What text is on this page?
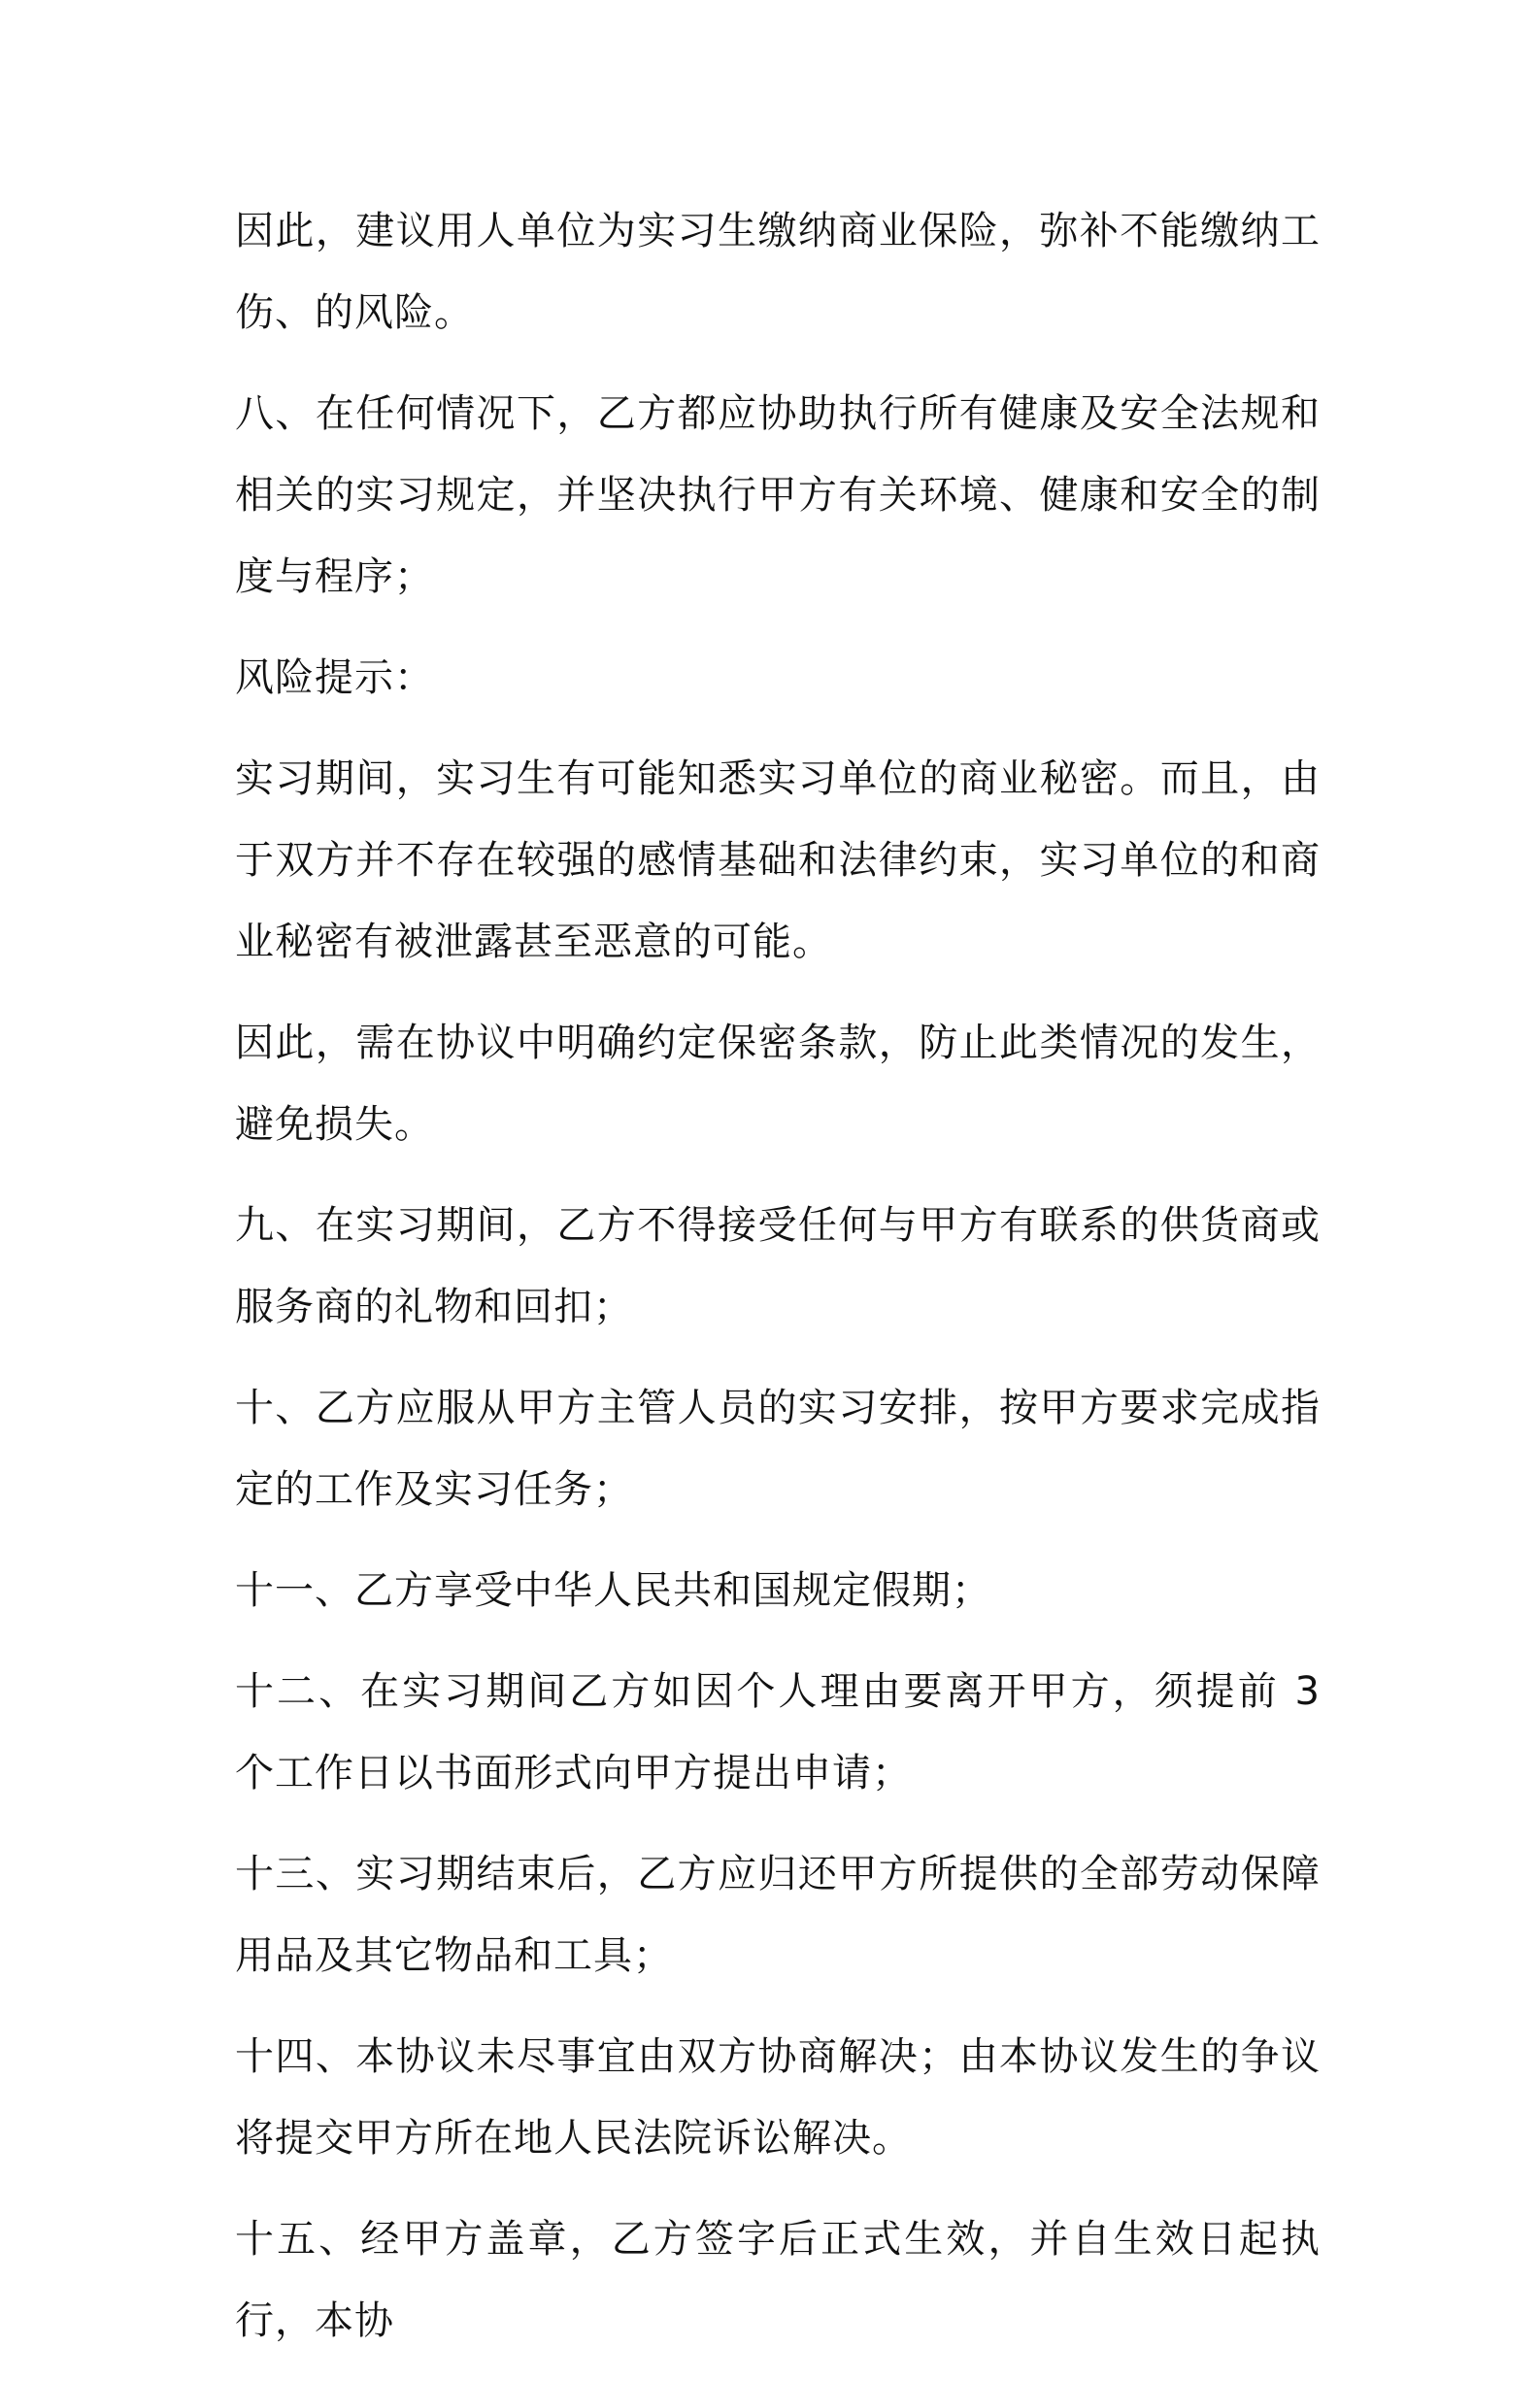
因此，建议用人单位为实习生缴纳商业保险，弥补不能缴纳工伤、的风险。

八、在任何情况下，乙方都应协助执行所有健康及安全法规和相关的实习规定，并坚决执行甲方有关环境、健康和安全的制度与程序；

风险提示：

实习期间，实习生有可能知悉实习单位的商业秘密。而且，由于双方并不存在较强的感情基础和法律约束，实习单位的和商业秘密有被泄露甚至恶意的可能。

因此，需在协议中明确约定保密条款，防止此类情况的发生，避免损失。

九、在实习期间，乙方不得接受任何与甲方有联系的供货商或服务商的礼物和回扣；

十、乙方应服从甲方主管人员的实习安排，按甲方要求完成指定的工作及实习任务；

十一、乙方享受中华人民共和国规定假期；

十二、在实习期间乙方如因个人理由要离开甲方，须提前 3 个工作日以书面形式向甲方提出申请；

十三、实习期结束后，乙方应归还甲方所提供的全部劳动保障用品及其它物品和工具；

十四、本协议未尽事宜由双方协商解决；由本协议发生的争议将提交甲方所在地人民法院诉讼解决。

十五、经甲方盖章，乙方签字后正式生效，并自生效日起执行，本协
